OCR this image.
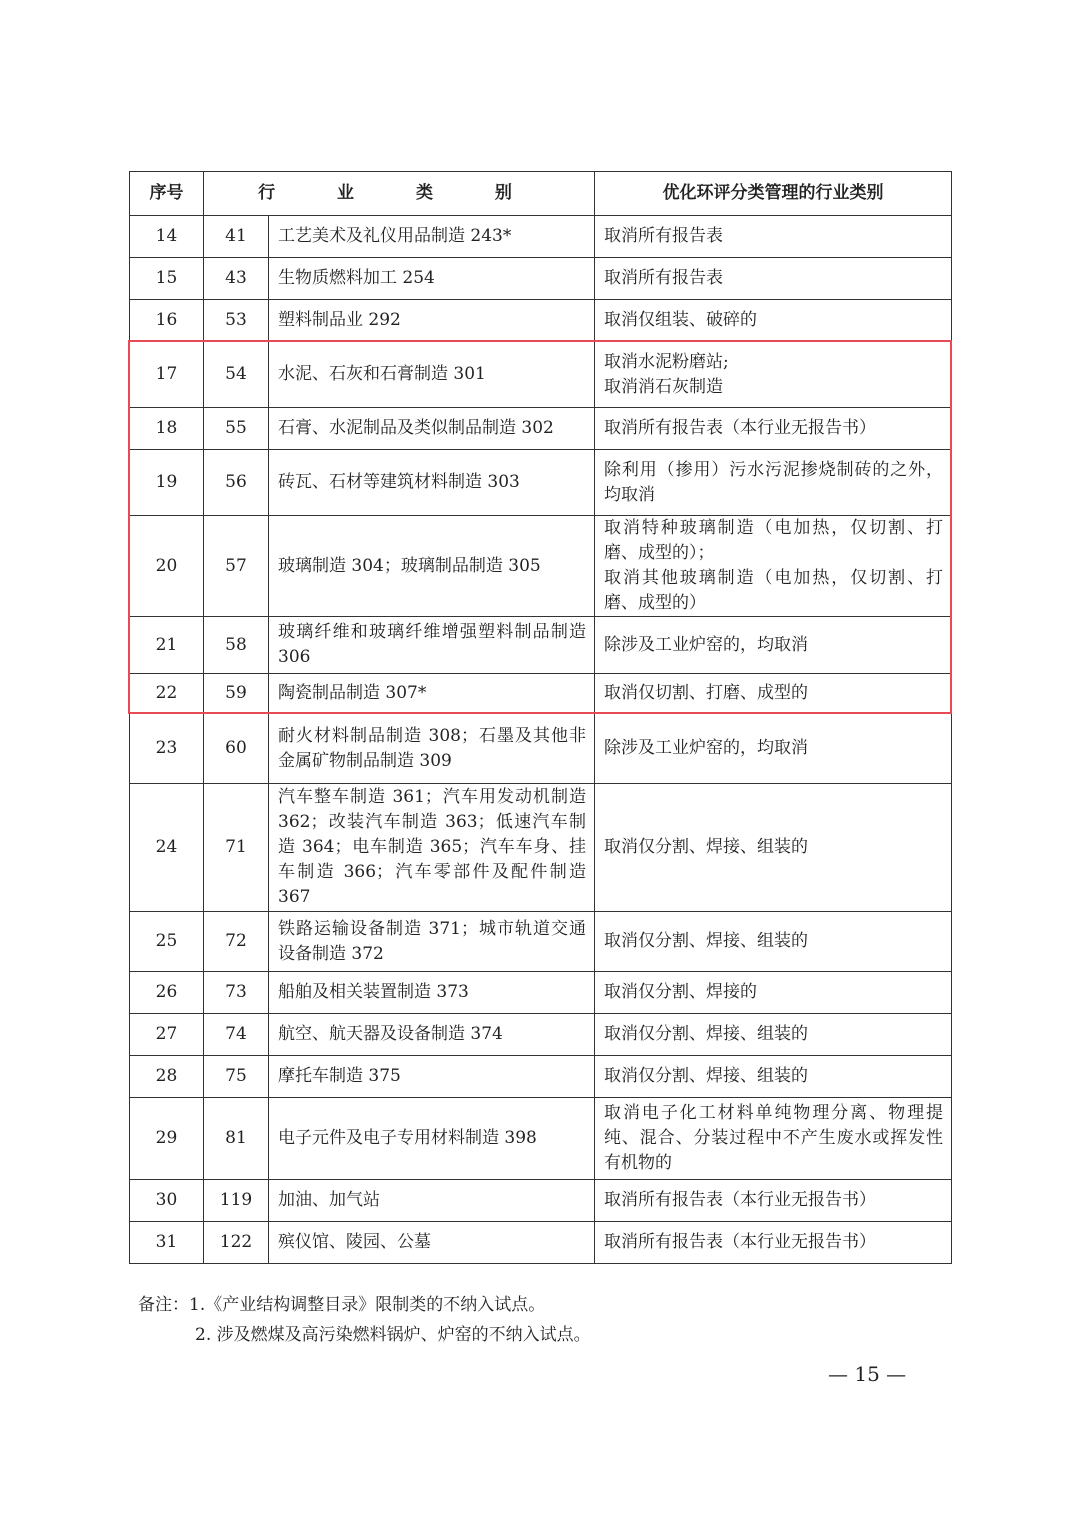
序号	行 业 类 别		优化环评分类管理的行业类别
14	41	工艺美术及礼仪用品制造 243*	取消所有报告表
15	43	生物质燃料加工 254	取消所有报告表
16	53	塑料制品业 292	取消仅组装、破碎的
17	54	水泥、石灰和石膏制造 301	取消水泥粉磨站;
取消消石灰制造
18	55	石膏、水泥制品及类似制品制造 302	取消所有报告表（本行业无报告书）
19	56	砖瓦、石材等建筑材料制造 303	除利用（掺用）污水污泥掺烧制砖的之外，均取消
20	57	玻璃制造 304；玻璃制品制造 305	取消特种玻璃制造（电加热，仅切割、打磨、成型的）；
取消其他玻璃制造（电加热，仅切割、打磨、成型的）
21	58	玻璃纤维和玻璃纤维增强塑料制品制造 306	除涉及工业炉窑的，均取消
22	59	陶瓷制品制造 307*	取消仅切割、打磨、成型的
23	60	耐火材料制品制造 308；石墨及其他非金属矿物制品制造 309	除涉及工业炉窑的，均取消
24	71	汽车整车制造 361；汽车用发动机制造 362；改装汽车制造 363；低速汽车制造 364；电车制造 365；汽车车身、挂车制造 366；汽车零部件及配件制造 367	取消仅分割、焊接、组装的
25	72	铁路运输设备制造 371；城市轨道交通设备制造 372	取消仅分割、焊接、组装的
26	73	船舶及相关装置制造 373	取消仅分割、焊接的
27	74	航空、航天器及设备制造 374	取消仅分割、焊接、组装的
28	75	摩托车制造 375	取消仅分割、焊接、组装的
29	81	电子元件及电子专用材料制造 398	取消电子化工材料单纯物理分离、物理提纯、混合、分装过程中不产生废水或挥发性有机物的
30	119	加油、加气站	取消所有报告表（本行业无报告书）
31	122	殡仪馆、陵园、公墓	取消所有报告表（本行业无报告书）
备注：1.《产业结构调整目录》限制类的不纳入试点。
2. 涉及燃煤及高污染燃料锅炉、炉窑的不纳入试点。
— 15 —
